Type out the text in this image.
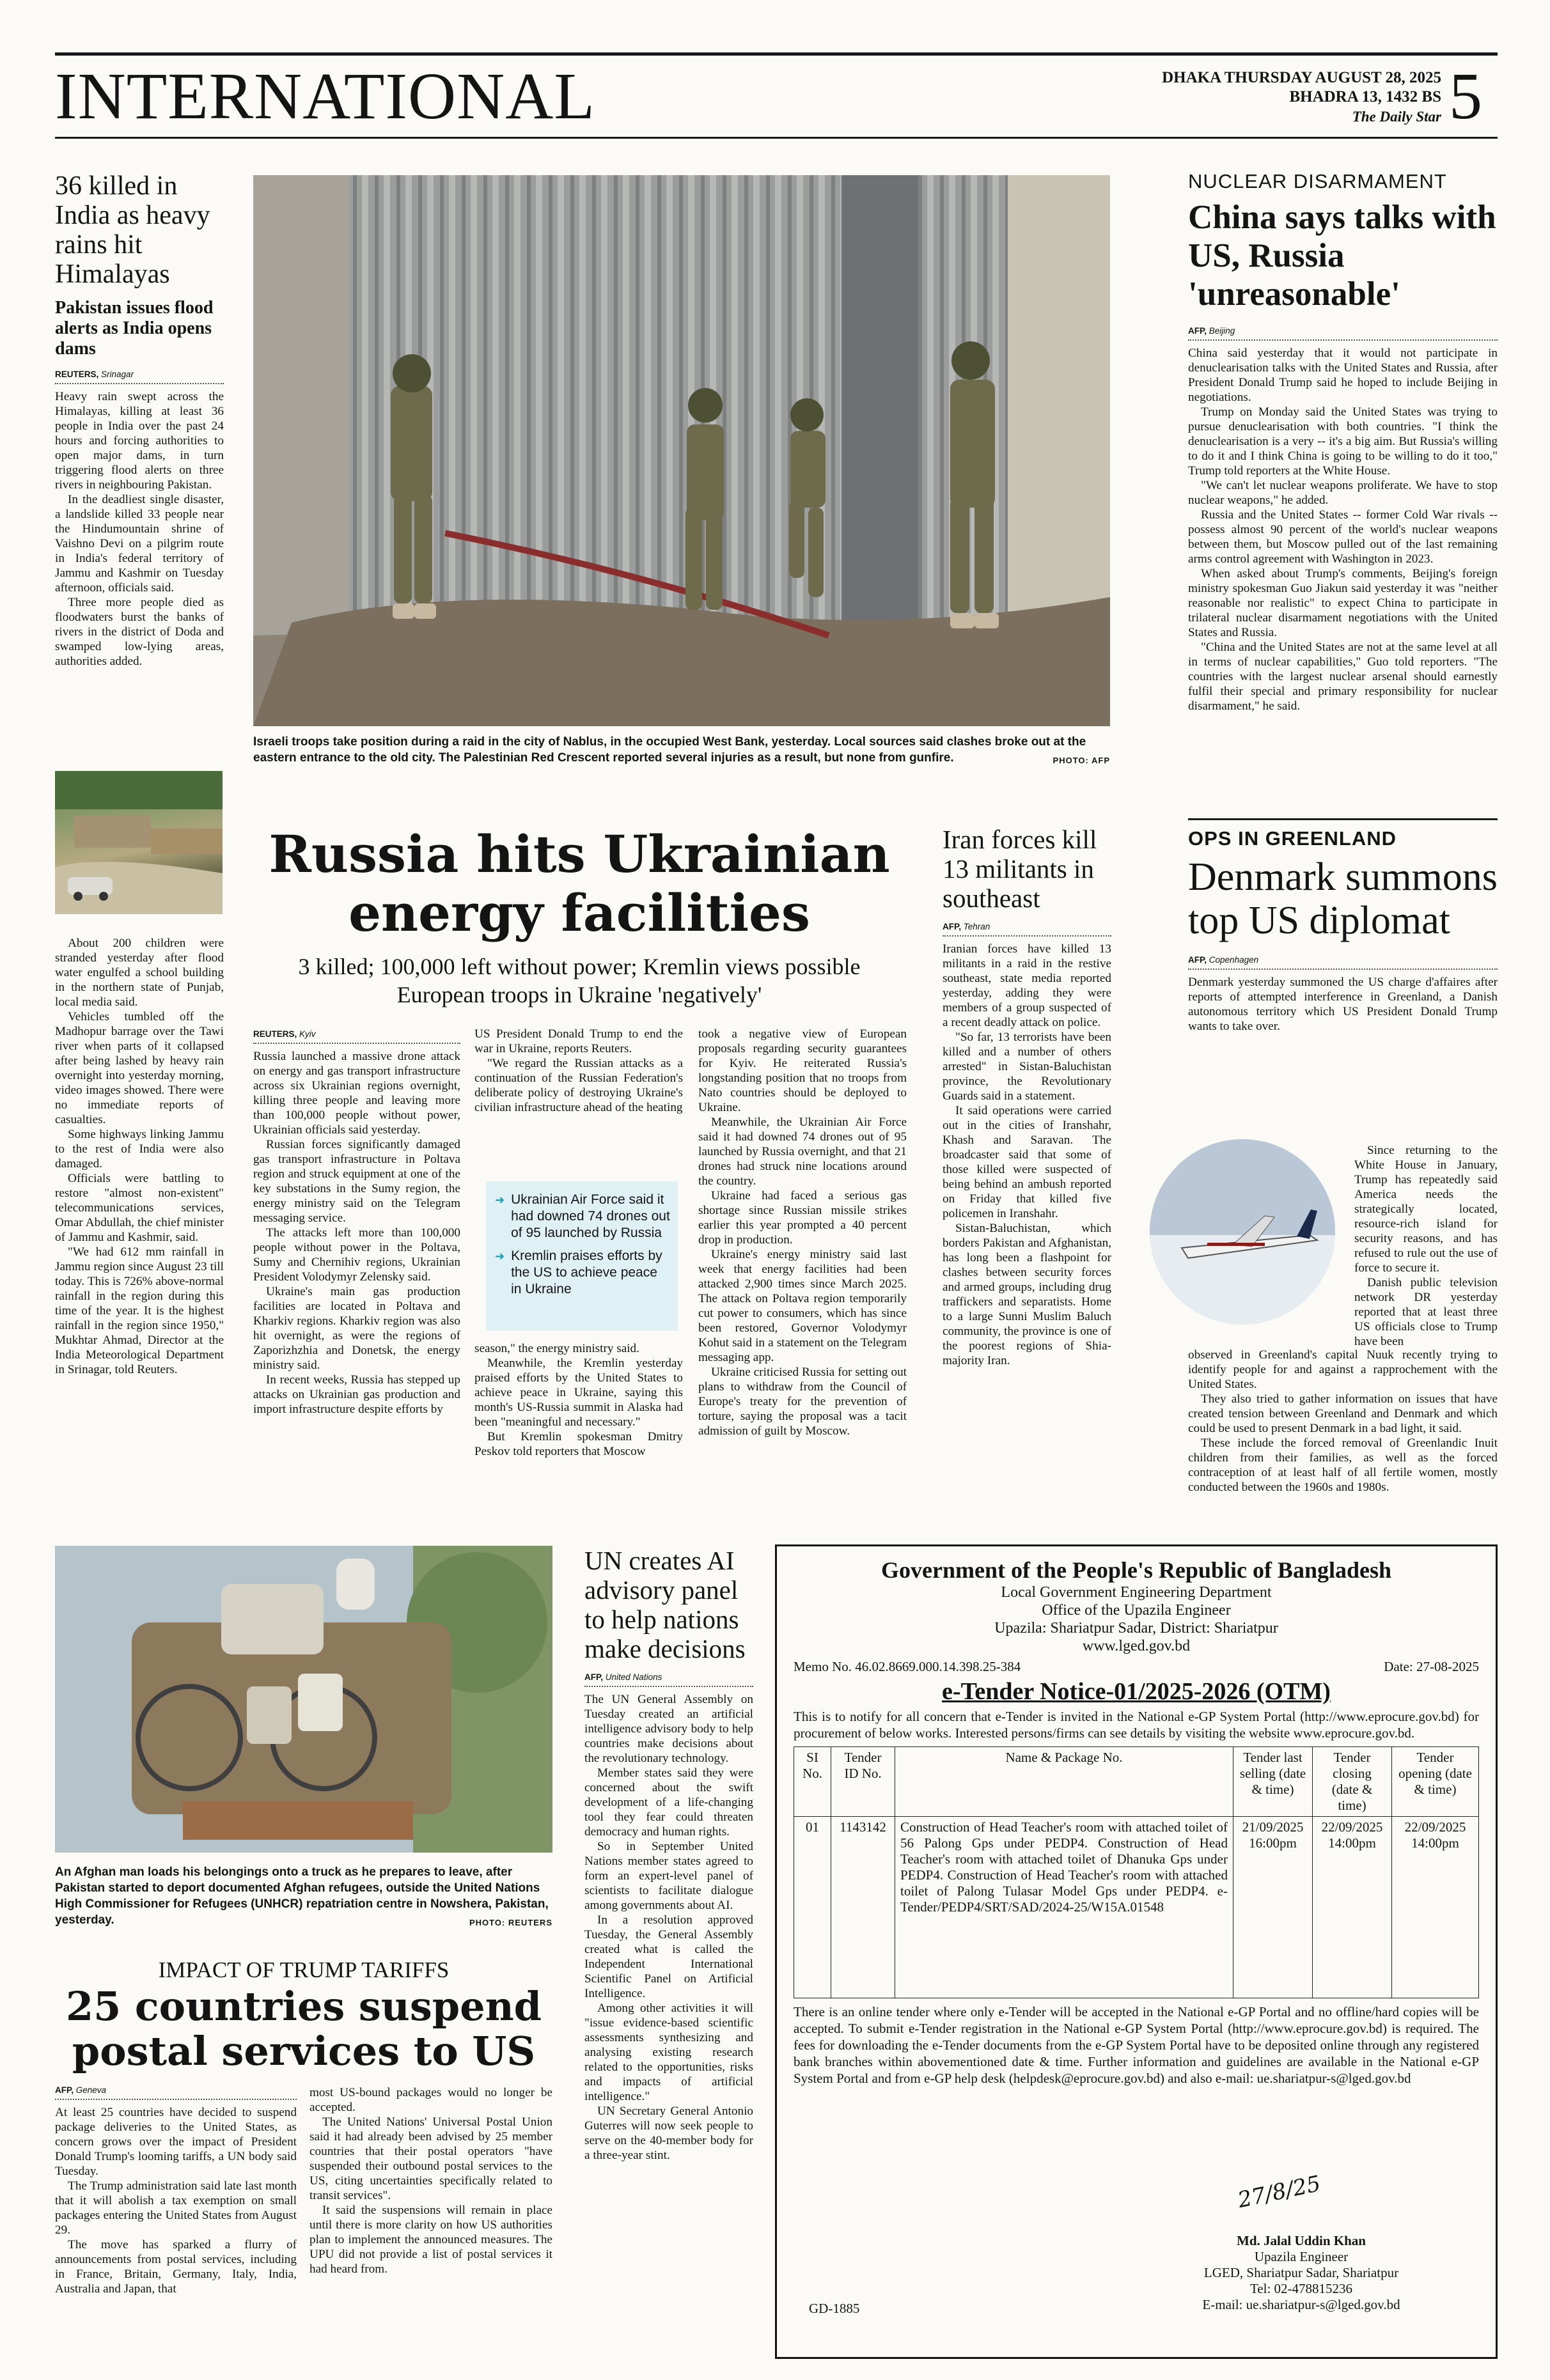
INTERNATIONAL	DHAKA THURSDAY AUGUST 28, 2025
BHADRA 13, 1432 BS
The Daily Star 5
36 killed in India as heavy rains hit Himalayas
Pakistan issues flood alerts as India opens dams
REUTERS, Srinagar

Heavy rain swept across the Himalayas, killing at least 36 people in India over the past 24 hours and forcing authorities to open major dams, in turn triggering flood alerts on three rivers in neighbouring Pakistan.

In the deadliest single disaster, a landslide killed 33 people near the Hindumountain shrine of Vaishno Devi on a pilgrim route in India's federal territory of Jammu and Kashmir on Tuesday afternoon, officials said.

Three more people died as floodwaters burst the banks of rivers in the district of Doda and swamped low-lying areas, authorities added.

About 200 children were stranded yesterday after flood water engulfed a school building in the northern state of Punjab, local media said.

Vehicles tumbled off the Madhopur barrage over the Tawi river when parts of it collapsed after being lashed by heavy rain overnight into yesterday morning, video images showed. There were no immediate reports of casualties.

Some highways linking Jammu to the rest of India were also damaged.

Officials were battling to restore "almost non-existent" telecommunications services, Omar Abdullah, the chief minister of Jammu and Kashmir, said.

"We had 612 mm rainfall in Jammu region since August 23 till today. This is 726% above-normal rainfall in the region during this time of the year. It is the highest rainfall in the region since 1950," Mukhtar Ahmad, Director at the India Meteorological Department in Srinagar, told Reuters.

Israeli troops take position during a raid in the city of Nablus, in the occupied West Bank, yesterday. Local sources said clashes broke out at the eastern entrance to the old city. The Palestinian Red Crescent reported several injuries as a result, but none from gunfire.	PHOTO: AFP
Russia hits Ukrainian
energy facilities
3 killed; 100,000 left without power; Kremlin views possible European troops in Ukraine 'negatively'
REUTERS, Kyiv

Russia launched a massive drone attack on energy and gas transport infrastructure across six Ukrainian regions overnight, killing three people and leaving more than 100,000 people without power, Ukrainian officials said yesterday.

Russian forces significantly damaged gas transport infrastructure in Poltava region and struck equipment at one of the key substations in the Sumy region, the energy ministry said on the Telegram messaging service.

The attacks left more than 100,000 people without power in the Poltava, Sumy and Chernihiv regions, Ukrainian President Volodymyr Zelensky said.

Ukraine's main gas production facilities are located in Poltava and Kharkiv regions. Kharkiv region was also hit overnight, as were the regions of Zaporizhzhia and Donetsk, the energy ministry said.

In recent weeks, Russia has stepped up attacks on Ukrainian gas production and import infrastructure despite efforts by

US President Donald Trump to end the war in Ukraine, reports Reuters.

"We regard the Russian attacks as a continuation of the Russian Federation's deliberate policy of destroying Ukraine's civilian infrastructure ahead of the heating

➜ Ukrainian Air Force said it had downed 74 drones out of 95 launched by Russia
➜ Kremlin praises efforts by the US to achieve peace in Ukraine

season," the energy ministry said.

Meanwhile, the Kremlin yesterday praised efforts by the United States to achieve peace in Ukraine, saying this month's US-Russia summit in Alaska had been "meaningful and necessary."

But Kremlin spokesman Dmitry Peskov told reporters that Moscow

took a negative view of European proposals regarding security guarantees for Kyiv. He reiterated Russia's longstanding position that no troops from Nato countries should be deployed to Ukraine.

Meanwhile, the Ukrainian Air Force said it had downed 74 drones out of 95 launched by Russia overnight, and that 21 drones had struck nine locations around the country.

Ukraine had faced a serious gas shortage since Russian missile strikes earlier this year prompted a 40 percent drop in production.

Ukraine's energy ministry said last week that energy facilities had been attacked 2,900 times since March 2025. The attack on Poltava region temporarily cut power to consumers, which has since been restored, Governor Volodymyr Kohut said in a statement on the Telegram messaging app.

Ukraine criticised Russia for setting out plans to withdraw from the Council of Europe's treaty for the prevention of torture, saying the proposal was a tacit admission of guilt by Moscow.

Iran forces kill 13 militants in southeast
AFP, Tehran

Iranian forces have killed 13 militants in a raid in the restive southeast, state media reported yesterday, adding they were members of a group suspected of a recent deadly attack on police.

"So far, 13 terrorists have been killed and a number of others arrested" in Sistan-Baluchistan province, the Revolutionary Guards said in a statement.

It said operations were carried out in the cities of Iranshahr, Khash and Saravan. The broadcaster said that some of those killed were suspected of being behind an ambush reported on Friday that killed five policemen in Iranshahr.

Sistan-Baluchistan, which borders Pakistan and Afghanistan, has long been a flashpoint for clashes between security forces and armed groups, including drug traffickers and separatists. Home to a large Sunni Muslim Baluch community, the province is one of the poorest regions of Shia-majority Iran.

NUCLEAR DISARMAMENT
China says talks with US, Russia 'unreasonable'
AFP, Beijing

China said yesterday that it would not participate in denuclearisation talks with the United States and Russia, after President Donald Trump said he hoped to include Beijing in negotiations.

Trump on Monday said the United States was trying to pursue denuclearisation with both countries. "I think the denuclearisation is a very -- it's a big aim. But Russia's willing to do it and I think China is going to be willing to do it too," Trump told reporters at the White House.

"We can't let nuclear weapons proliferate. We have to stop nuclear weapons," he added.

Russia and the United States -- former Cold War rivals -- possess almost 90 percent of the world's nuclear weapons between them, but Moscow pulled out of the last remaining arms control agreement with Washington in 2023.

When asked about Trump's comments, Beijing's foreign ministry spokesman Guo Jiakun said yesterday it was "neither reasonable nor realistic" to expect China to participate in trilateral nuclear disarmament negotiations with the United States and Russia.

"China and the United States are not at the same level at all in terms of nuclear capabilities," Guo told reporters. "The countries with the largest nuclear arsenal should earnestly fulfil their special and primary responsibility for nuclear disarmament," he said.

OPS IN GREENLAND
Denmark summons top US diplomat
AFP, Copenhagen

Denmark yesterday summoned the US charge d'affaires after reports of attempted interference in Greenland, a Danish autonomous territory which US President Donald Trump wants to take over.

Since returning to the White House in January, Trump has repeatedly said America needs the strategically located, resource-rich island for security reasons, and has refused to rule out the use of force to secure it.

Danish public television network DR yesterday reported that at least three US officials close to Trump have been

observed in Greenland's capital Nuuk recently trying to identify people for and against a rapprochement with the United States.

They also tried to gather information on issues that have created tension between Greenland and Denmark and which could be used to present Denmark in a bad light, it said.

These include the forced removal of Greenlandic Inuit children from their families, as well as the forced contraception of at least half of all fertile women, mostly conducted between the 1960s and 1980s.

An Afghan man loads his belongings onto a truck as he prepares to leave, after Pakistan started to deport documented Afghan refugees, outside the United Nations High Commissioner for Refugees (UNHCR) repatriation centre in Nowshera, Pakistan, yesterday.	PHOTO: REUTERS
IMPACT OF TRUMP TARIFFS
25 countries suspend postal services to US
AFP, Geneva

At least 25 countries have decided to suspend package deliveries to the United States, as concern grows over the impact of President Donald Trump's looming tariffs, a UN body said Tuesday.

The Trump administration said late last month that it will abolish a tax exemption on small packages entering the United States from August 29.

The move has sparked a flurry of announcements from postal services, including in France, Britain, Germany, Italy, India, Australia and Japan, that

most US-bound packages would no longer be accepted.

The United Nations' Universal Postal Union said it had already been advised by 25 member countries that their postal operators "have suspended their outbound postal services to the US, citing uncertainties specifically related to transit services".

It said the suspensions will remain in place until there is more clarity on how US authorities plan to implement the announced measures. The UPU did not provide a list of postal services it had heard from.

UN creates AI advisory panel to help nations make decisions
AFP, United Nations

The UN General Assembly on Tuesday created an artificial intelligence advisory body to help countries make decisions about the revolutionary technology.

Member states said they were concerned about the swift development of a life-changing tool they fear could threaten democracy and human rights.

So in September United Nations member states agreed to form an expert-level panel of scientists to facilitate dialogue among governments about AI.

In a resolution approved Tuesday, the General Assembly created what is called the Independent International Scientific Panel on Artificial Intelligence.

Among other activities it will "issue evidence-based scientific assessments synthesizing and analysing existing research related to the opportunities, risks and impacts of artificial intelligence."

UN Secretary General Antonio Guterres will now seek people to serve on the 40-member body for a three-year stint.

Government of the People's Republic of Bangladesh
Local Government Engineering Department
Office of the Upazila Engineer
Upazila: Shariatpur Sadar, District: Shariatpur
www.lged.gov.bd
Memo No. 46.02.8669.000.14.398.25-384	Date: 27-08-2025
e-Tender Notice-01/2025-2026 (OTM)
This is to notify for all concern that e-Tender is invited in the National e-GP System Portal (http://www.eprocure.gov.bd) for procurement of below works. Interested persons/firms can see details by visiting the website www.eprocure.gov.bd.
SI No.	Tender ID No.	Name & Package No.	Tender last selling (date & time)	Tender closing (date & time)	Tender opening (date & time)
01	1143142	Construction of Head Teacher's room with attached toilet of 56 Palong Gps under PEDP4. Construction of Head Teacher's room with attached toilet of Dhanuka Gps under PEDP4. Construction of Head Teacher's room with attached toilet of Palong Tulasar Model Gps under PEDP4. e-Tender/PEDP4/SRT/SAD/2024-25/W15A.01548	21/09/2025 16:00pm	22/09/2025 14:00pm	22/09/2025 14:00pm
There is an online tender where only e-Tender will be accepted in the National e-GP Portal and no offline/hard copies will be accepted. To submit e-Tender registration in the National e-GP System Portal (http://www.eprocure.gov.bd) is required. The fees for downloading the e-Tender documents from the e-GP System Portal have to be deposited online through any registered bank branches within abovementioned date & time. Further information and guidelines are available in the National e-GP System Portal and from e-GP help desk (helpdesk@eprocure.gov.bd) and also e-mail: ue.shariatpur-s@lged.gov.bd
27/8/25
Md. Jalal Uddin Khan
Upazila Engineer
LGED, Shariatpur Sadar, Shariatpur
Tel: 02-478815236
E-mail: ue.shariatpur-s@lged.gov.bd
GD-1885
